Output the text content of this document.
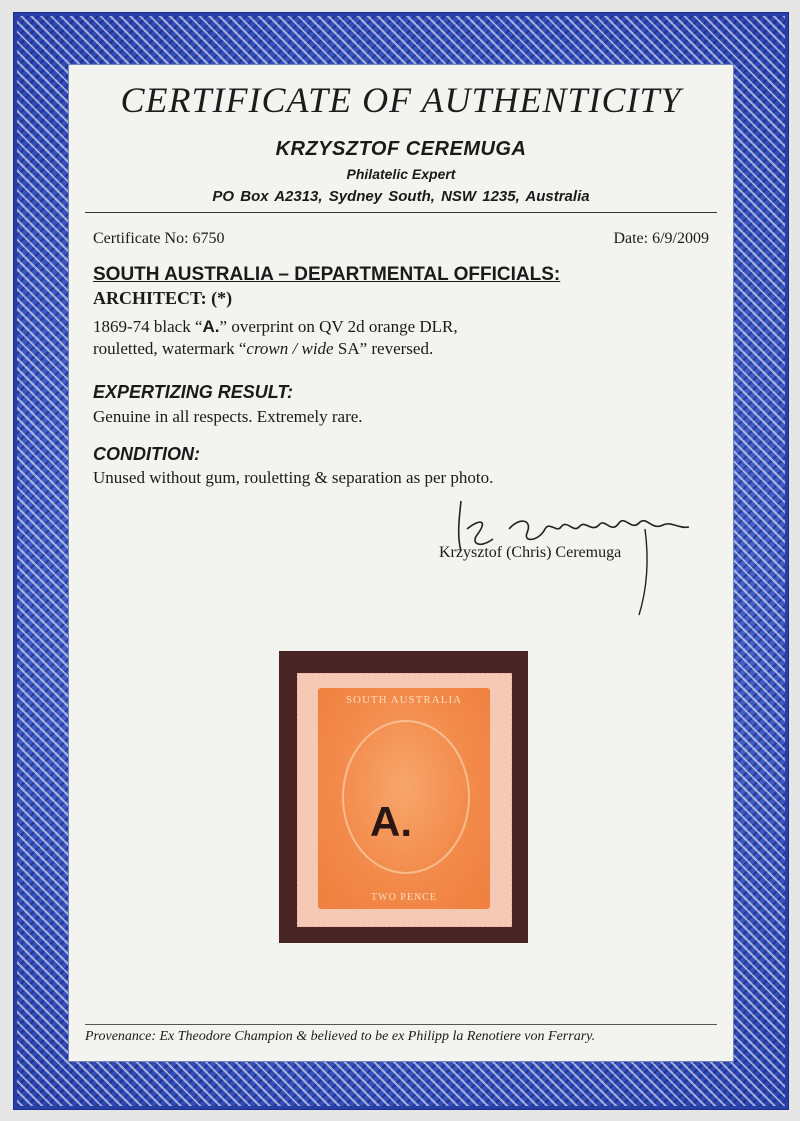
CERTIFICATE OF AUTHENTICITY
KRZYSZTOF CEREMUGA
Philatelic Expert
PO Box A2313, Sydney South, NSW 1235, Australia
Certificate No: 6750	Date: 6/9/2009
SOUTH AUSTRALIA – DEPARTMENTAL OFFICIALS:
ARCHITECT: (*)
1869-74 black “A.” overprint on QV 2d orange DLR,
rouletted, watermark “crown / wide SA” reversed.
EXPERTIZING RESULT:
Genuine in all respects. Extremely rare.
CONDITION:
Unused without gum, rouletting & separation as per photo.
Krzysztof (Chris) Ceremuga
SOUTH AUSTRALIA
A.
TWO PENCE
Provenance: Ex Theodore Champion & believed to be ex Philipp la Renotiere von Ferrary.
